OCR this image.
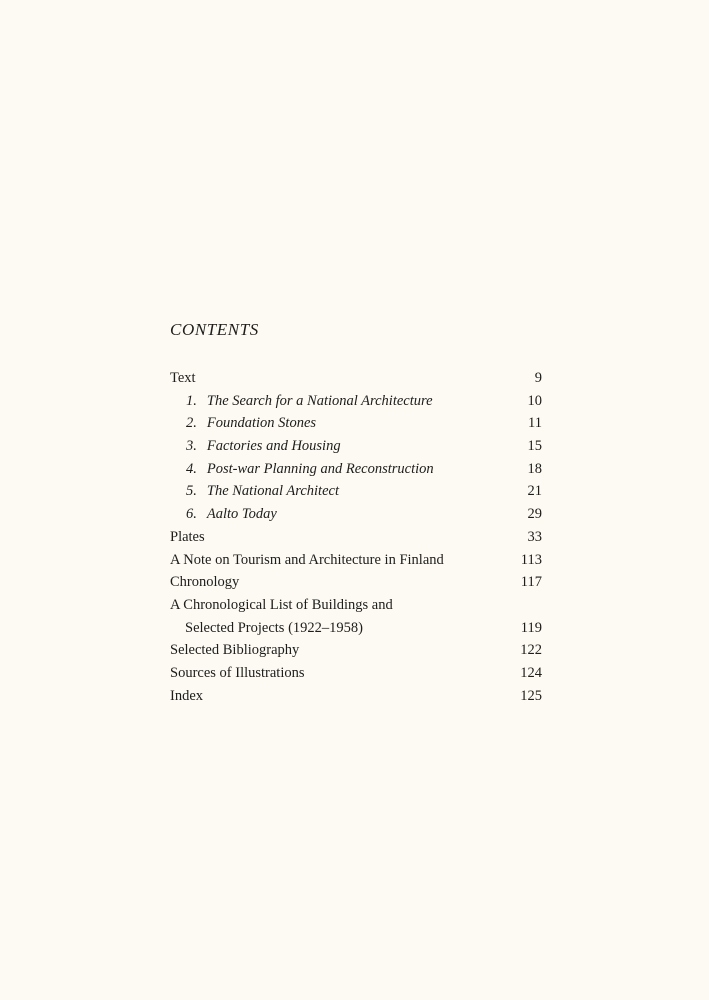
CONTENTS
Text	9
1. The Search for a National Architecture	10
2. Foundation Stones	11
3. Factories and Housing	15
4. Post-war Planning and Reconstruction	18
5. The National Architect	21
6. Aalto Today	29
Plates	33
A Note on Tourism and Architecture in Finland	113
Chronology	117
A Chronological List of Buildings and
Selected Projects (1922–1958)	119
Selected Bibliography	122
Sources of Illustrations	124
Index	125
